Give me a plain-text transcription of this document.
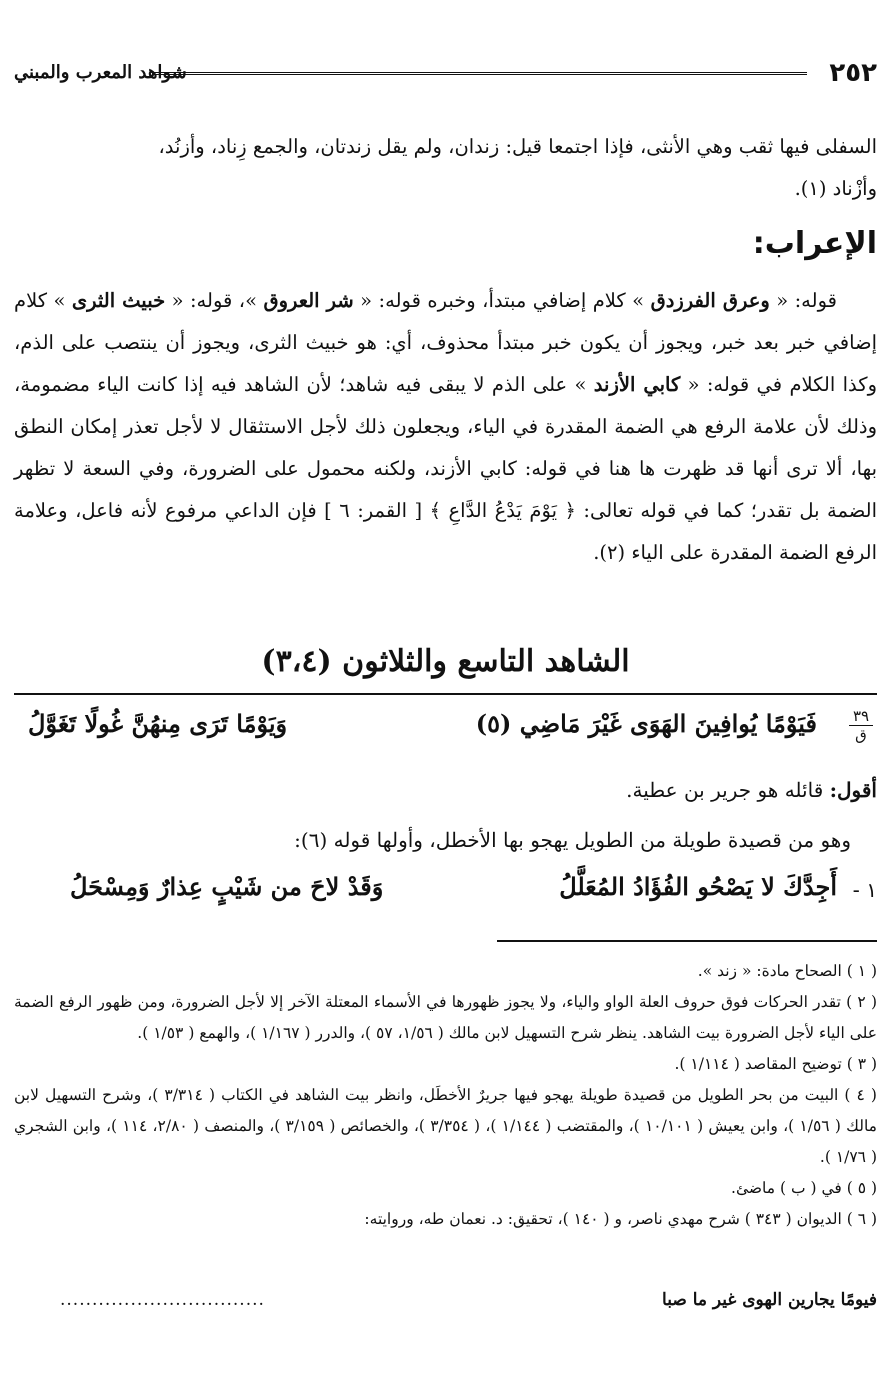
٢٥٢
شواهد المعرب والمبني

السفلى فيها ثقب وهي الأنثى، فإذا اجتمعا قيل: زندان، ولم يقل زندتان، والجمع زِناد، وأزنُد،

وأزْناد (١).

الإعراب:
قوله: « وعرق الفرزدق » كلام إضافي مبتدأ، وخبره قوله: « شر العروق »، قوله: « خبيث الثرى » كلام إضافي خبر بعد خبر، ويجوز أن يكون خبر مبتدأ محذوف، أي: هو خبيث الثرى، ويجوز أن ينتصب على الذم، وكذا الكلام في قوله: « كابي الأزند » على الذم لا يبقى فيه شاهد؛ لأن الشاهد فيه إذا كانت الياء مضمومة، وذلك لأن علامة الرفع هي الضمة المقدرة في الياء، ويجعلون ذلك لأجل الاستثقال لا لأجل تعذر إمكان النطق بها، ألا ترى أنها قد ظهرت ها هنا في قوله: كابي الأزند، ولكنه محمول على الضرورة، وفي السعة لا تظهر الضمة بل تقدر؛ كما في قوله تعالى: ﴿ يَوْمَ يَدْعُ الدَّاعِ ﴾ [ القمر: ٦ ] فإن الداعي مرفوع لأنه فاعل، وعلامة الرفع الضمة المقدرة على الياء (٢).
الشاهد التاسع والثلاثون (٣،٤)
٣٩
ق
فَيَوْمًا يُوافِينَ الهَوَى غَيْرَ مَاضِي (٥)
وَيَوْمًا تَرَى مِنهُنَّ غُولًا تَغَوَّلُ
أقول: قائله هو جرير بن عطية.
وهو من قصيدة طويلة من الطويل يهجو بها الأخطل، وأولها قوله (٦):
١ -
أَجِدَّكَ لا يَصْحُو الفُؤَادُ المُعَلَّلُ
وَقَدْ لاحَ من شَيْبٍ عِذارٌ وَمِسْحَلُ

( ١ ) الصحاح مادة: « زند ».

( ٢ ) تقدر الحركات فوق حروف العلة الواو والياء، ولا يجوز ظهورها في الأسماء المعتلة الآخر إلا لأجل الضرورة، ومن ظهور الرفع الضمة على الياء لأجل الضرورة بيت الشاهد. ينظر شرح التسهيل لابن مالك ( ١/٥٦، ٥٧ )، والدرر ( ١/١٦٧ )، والهمع ( ١/٥٣ ).

( ٣ ) توضيح المقاصد ( ١/١١٤ ).

( ٤ ) البيت من بحر الطويل من قصيدة طويلة يهجو فيها جريرٌ الأخطَل، وانظر بيت الشاهد في الكتاب ( ٣/٣١٤ )، وشرح التسهيل لابن مالك ( ١/٥٦ )، وابن يعيش ( ١٠/١٠١ )، والمقتضب ( ١/١٤٤ )، ( ٣/٣٥٤ )، والخصائص ( ٣/١٥٩ )، والمنصف ( ٢/٨٠، ١١٤ )، وابن الشجري ( ١/٧٦ ).

( ٥ ) في ( ب ) ماضئ.

( ٦ ) الديوان ( ٣٤٣ ) شرح مهدي ناصر، و ( ١٤٠ )، تحقيق: د. نعمان طه، وروايته:

فيومًا يجارين الهوى غير ما صبا
................................
